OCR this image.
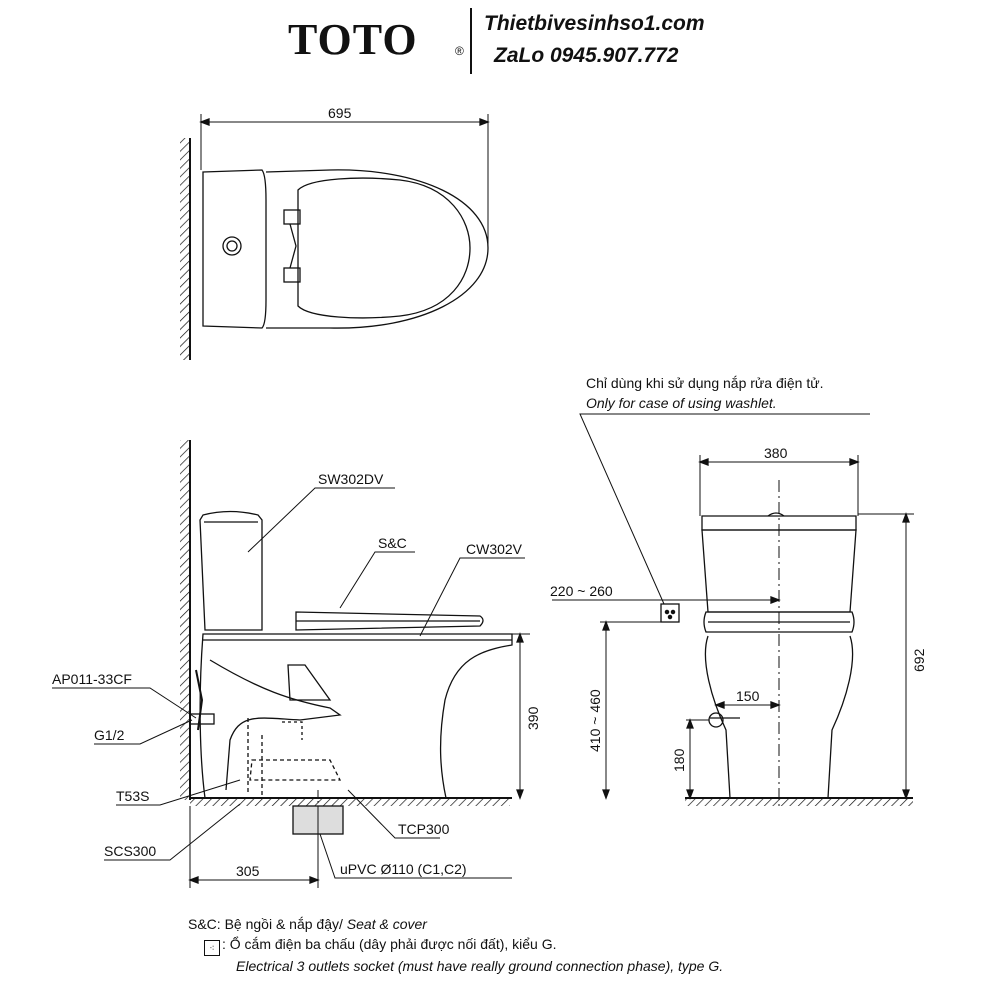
TOTO	®
Thietbivesinhso1.com
ZaLo 0945.907.772
695
SW302DV
S&C	CW302V
AP011-33CF
G1/2
T53S
SCS300
TCP300
uPVC Ø110 (C1,C2)
305
390
Chỉ dùng khi sử dụng nắp rửa điện tử.
Only for case of using washlet.
380
220 ~ 260
410 ~ 460	150
180
692
S&C: Bệ ngồi & nắp đậy/ Seat & cover
⁖ : Ổ cắm điện ba chấu (dây phải được nối đất), kiểu G.
Electrical 3 outlets socket (must have really ground connection phase), type G.
